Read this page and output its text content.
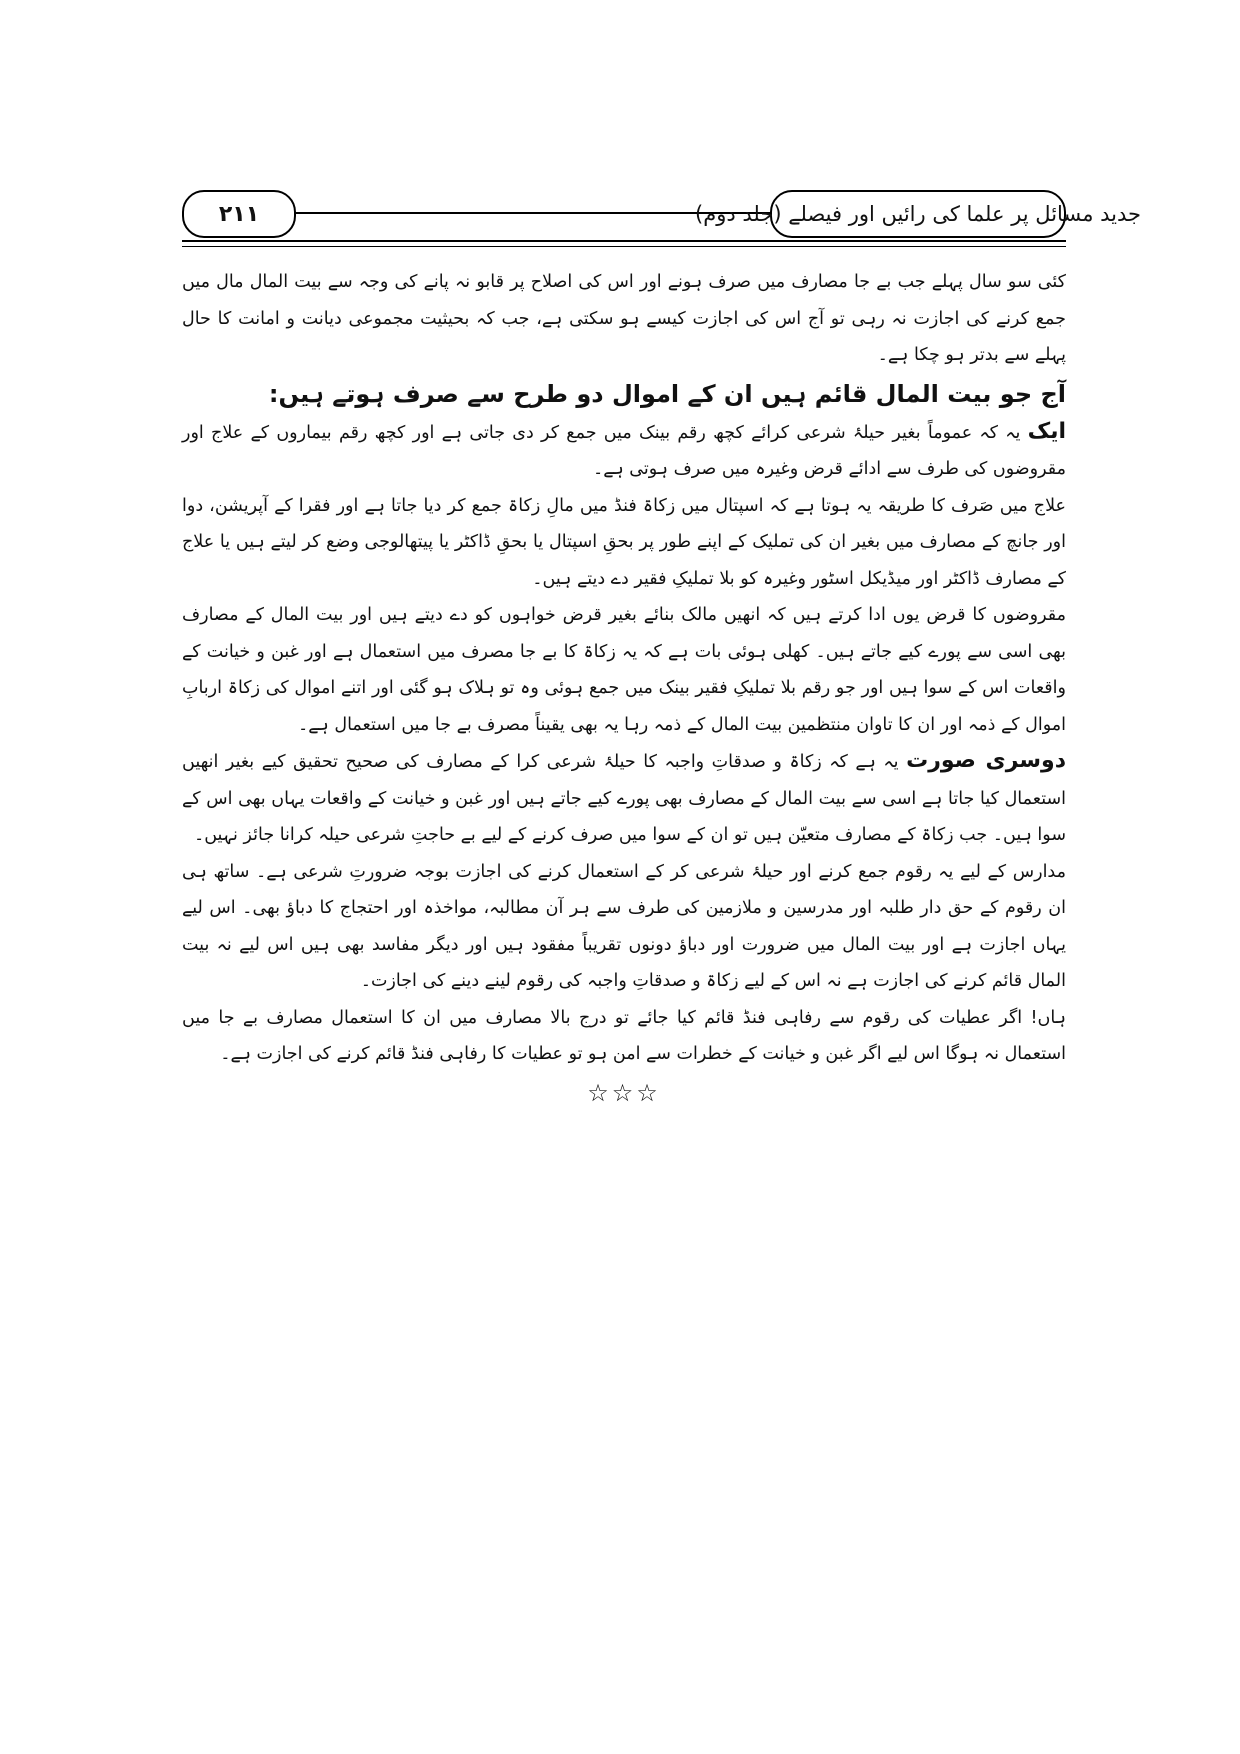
۲۱۱	جدید مسائل پر علما کی رائیں اور فیصلے (جلد دوم)

کئی سو سال پہلے جب بے جا مصارف میں صرف ہونے اور اس کی اصلاح پر قابو نہ پانے کی وجہ سے بیت المال مال میں جمع کرنے کی اجازت نہ رہی تو آج اس کی اجازت کیسے ہو سکتی ہے، جب کہ بحیثیت مجموعی دیانت و امانت کا حال پہلے سے بدتر ہو چکا ہے۔

آج جو بیت المال قائم ہیں ان کے اموال دو طرح سے صرف ہوتے ہیں:

ایک یہ کہ عموماً بغیر حیلۂ شرعی کرائے کچھ رقم بینک میں جمع کر دی جاتی ہے اور کچھ رقم بیماروں کے علاج اور مقروضوں کی طرف سے ادائے قرض وغیرہ میں صرف ہوتی ہے۔

علاج میں صَرف کا طریقہ یہ ہوتا ہے کہ اسپتال میں زکاۃ فنڈ میں مالِ زکاۃ جمع کر دیا جاتا ہے اور فقرا کے آپریشن، دوا اور جانچ کے مصارف میں بغیر ان کی تملیک کے اپنے طور پر بحقِ اسپتال یا بحقِ ڈاکٹر یا پیتھالوجی وضع کر لیتے ہیں یا علاج کے مصارف ڈاکٹر اور میڈیکل اسٹور وغیرہ کو بلا تملیکِ فقیر دے دیتے ہیں۔

مقروضوں کا قرض یوں ادا کرتے ہیں کہ انھیں مالک بنائے بغیر قرض خواہوں کو دے دیتے ہیں اور بیت المال کے مصارف بھی اسی سے پورے کیے جاتے ہیں۔ کھلی ہوئی بات ہے کہ یہ زکاۃ کا بے جا مصرف میں استعمال ہے اور غبن و خیانت کے واقعات اس کے سوا ہیں اور جو رقم بلا تملیکِ فقیر بینک میں جمع ہوئی وہ تو ہلاک ہو گئی اور اتنے اموال کی زکاۃ اربابِ اموال کے ذمہ اور ان کا تاوان منتظمین بیت المال کے ذمہ رہا یہ بھی یقیناً مصرف بے جا میں استعمال ہے۔

دوسری صورت یہ ہے کہ زکاۃ و صدقاتِ واجبہ کا حیلۂ شرعی کرا کے مصارف کی صحیح تحقیق کیے بغیر انھیں استعمال کیا جاتا ہے اسی سے بیت المال کے مصارف بھی پورے کیے جاتے ہیں اور غبن و خیانت کے واقعات یہاں بھی اس کے سوا ہیں۔ جب زکاۃ کے مصارف متعیّن ہیں تو ان کے سوا میں صرف کرنے کے لیے بے حاجتِ شرعی حیلہ کرانا جائز نہیں۔

مدارس کے لیے یہ رقوم جمع کرنے اور حیلۂ شرعی کر کے استعمال کرنے کی اجازت بوجہ ضرورتِ شرعی ہے۔ ساتھ ہی ان رقوم کے حق دار طلبہ اور مدرسین و ملازمین کی طرف سے ہر آن مطالبہ، مواخذہ اور احتجاج کا دباؤ بھی۔ اس لیے یہاں اجازت ہے اور بیت المال میں ضرورت اور دباؤ دونوں تقریباً مفقود ہیں اور دیگر مفاسد بھی ہیں اس لیے نہ بیت المال قائم کرنے کی اجازت ہے نہ اس کے لیے زکاۃ و صدقاتِ واجبہ کی رقوم لینے دینے کی اجازت۔

ہاں! اگر عطیات کی رقوم سے رفاہی فنڈ قائم کیا جائے تو درج بالا مصارف میں ان کا استعمال مصارف بے جا میں استعمال نہ ہوگا اس لیے اگر غبن و خیانت کے خطرات سے امن ہو تو عطیات کا رفاہی فنڈ قائم کرنے کی اجازت ہے۔

☆☆☆
